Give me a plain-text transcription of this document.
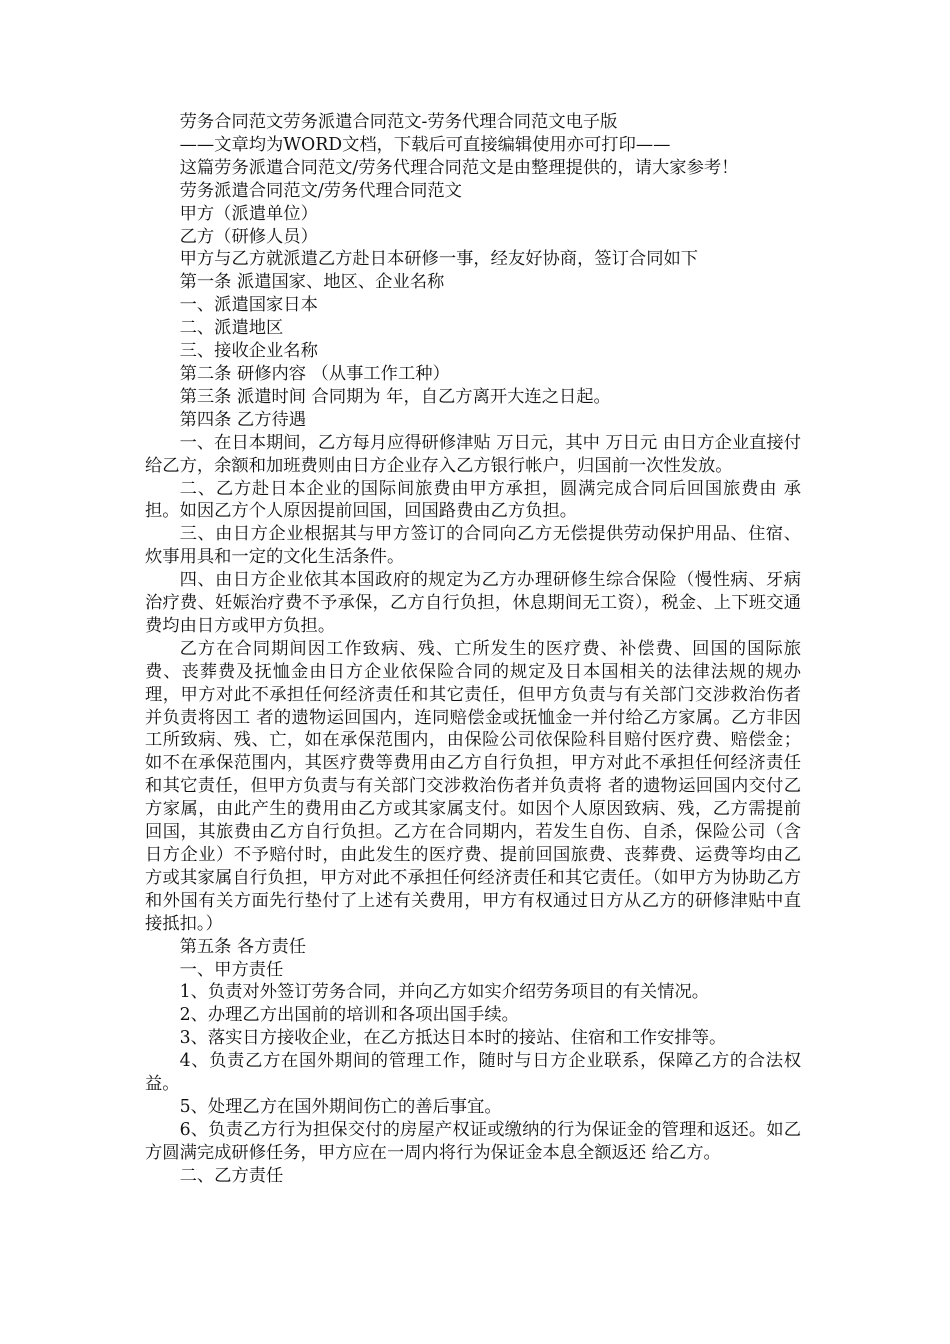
劳务合同范文劳务派遣合同范文-劳务代理合同范文电子版

——文章均为WORD文档，下载后可直接编辑使用亦可打印——

这篇劳务派遣合同范文/劳务代理合同范文是由整理提供的，请大家参考！

劳务派遣合同范文/劳务代理合同范文

甲方（派遣单位）

乙方（研修人员）

甲方与乙方就派遣乙方赴日本研修一事，经友好协商，签订合同如下

第一条 派遣国家、地区、企业名称

一、派遣国家日本

二、派遣地区

三、接收企业名称

第二条 研修内容 （从事工作工种）

第三条 派遣时间 合同期为 年，自乙方离开大连之日起。

第四条 乙方待遇

一、在日本期间，乙方每月应得研修津贴 万日元，其中 万日元 由日方企业直接付给乙方，余额和加班费则由日方企业存入乙方银行帐户，归国前一次性发放。

二、乙方赴日本企业的国际间旅费由甲方承担，圆满完成合同后回国旅费由 承担。如因乙方个人原因提前回国，回国路费由乙方负担。

三、由日方企业根据其与甲方签订的合同向乙方无偿提供劳动保护用品、住宿、炊事用具和一定的文化生活条件。

四、由日方企业依其本国政府的规定为乙方办理研修生综合保险（慢性病、牙病治疗费、妊娠治疗费不予承保，乙方自行负担，休息期间无工资），税金、上下班交通费均由日方或甲方负担。

乙方在合同期间因工作致病、残、亡所发生的医疗费、补偿费、回国的国际旅费、丧葬费及抚恤金由日方企业依保险合同的规定及日本国相关的法律法规的规办理，甲方对此不承担任何经济责任和其它责任，但甲方负责与有关部门交涉救治伤者并负责将因工 者的遗物运回国内，连同赔偿金或抚恤金一并付给乙方家属。乙方非因工所致病、残、亡，如在承保范围内，由保险公司依保险科目赔付医疗费、赔偿金；如不在承保范围内，其医疗费等费用由乙方自行负担，甲方对此不承担任何经济责任和其它责任，但甲方负责与有关部门交涉救治伤者并负责将 者的遗物运回国内交付乙方家属，由此产生的费用由乙方或其家属支付。如因个人原因致病、残，乙方需提前回国，其旅费由乙方自行负担。乙方在合同期内，若发生自伤、自杀，保险公司（含日方企业）不予赔付时，由此发生的医疗费、提前回国旅费、丧葬费、运费等均由乙方或其家属自行负担，甲方对此不承担任何经济责任和其它责任。（如甲方为协助乙方和外国有关方面先行垫付了上述有关费用，甲方有权通过日方从乙方的研修津贴中直接抵扣。）

第五条 各方责任

一、甲方责任

1、负责对外签订劳务合同，并向乙方如实介绍劳务项目的有关情况。

2、办理乙方出国前的培训和各项出国手续。

3、落实日方接收企业，在乙方抵达日本时的接站、住宿和工作安排等。

4、负责乙方在国外期间的管理工作，随时与日方企业联系，保障乙方的合法权益。

5、处理乙方在国外期间伤亡的善后事宜。

6、负责乙方行为担保交付的房屋产权证或缴纳的行为保证金的管理和返还。如乙方圆满完成研修任务，甲方应在一周内将行为保证金本息全额返还 给乙方。

二、乙方责任
